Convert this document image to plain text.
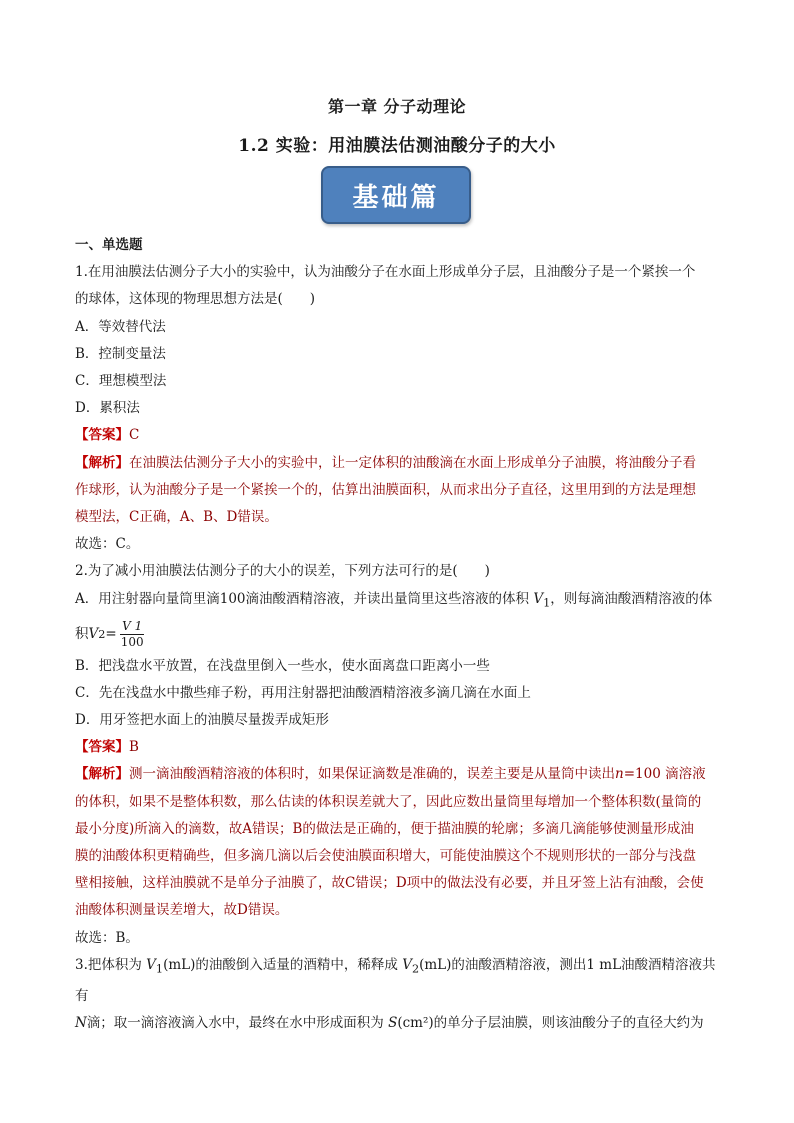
第一章 分子动理论
1.2 实验：用油膜法估测油酸分子的大小
基础篇

一、单选题

1.在用油膜法估测分子大小的实验中，认为油酸分子在水面上形成单分子层，且油酸分子是一个紧挨一个

的球体，这体现的物理思想方法是(　　)

A．等效替代法

B．控制变量法

C．理想模型法

D．累积法

【答案】C

【解析】在油膜法估测分子大小的实验中，让一定体积的油酸滴在水面上形成单分子油膜，将油酸分子看

作球形，认为油酸分子是一个紧挨一个的，估算出油膜面积，从而求出分子直径，这里用到的方法是理想

模型法，C正确，A、B、D错误。

故选：C。

2.为了减小用油膜法估测分子的大小的误差，下列方法可行的是(　　)

A．用注射器向量筒里滴100滴油酸酒精溶液，并读出量筒里这些溶液的体积 $V_1$，则每滴油酸酒精溶液的体

积 V $2 = \frac{V 1}{100}$

B．把浅盘水平放置，在浅盘里倒入一些水，使水面离盘口距离小一些

C．先在浅盘水中撒些痱子粉，再用注射器把油酸酒精溶液多滴几滴在水面上

D．用牙签把水面上的油膜尽量拨弄成矩形

【答案】B

【解析】测一滴油酸酒精溶液的体积时，如果保证滴数是准确的，误差主要是从量筒中读出n=100 滴溶液

的体积，如果不是整体积数，那么估读的体积误差就大了，因此应数出量筒里每增加一个整体积数(量筒的

最小分度)所滴入的滴数，故A错误；B的做法是正确的，便于描油膜的轮廓；多滴几滴能够使测量形成油

膜的油酸体积更精确些，但多滴几滴以后会使油膜面积增大，可能使油膜这个不规则形状的一部分与浅盘

壁相接触，这样油膜就不是单分子油膜了，故C错误；D项中的做法没有必要，并且牙签上沾有油酸，会使

油酸体积测量误差增大，故D错误。

故选：B。

3.把体积为 $V_1(mL)$的油酸倒入适量的酒精中，稀释成 $V_2(mL)$的油酸酒精溶液，测出1 mL油酸酒精溶液共有

N滴；取一滴溶液滴入水中，最终在水中形成面积为 S(cm²)的单分子层油膜，则该油酸分子的直径大约为
